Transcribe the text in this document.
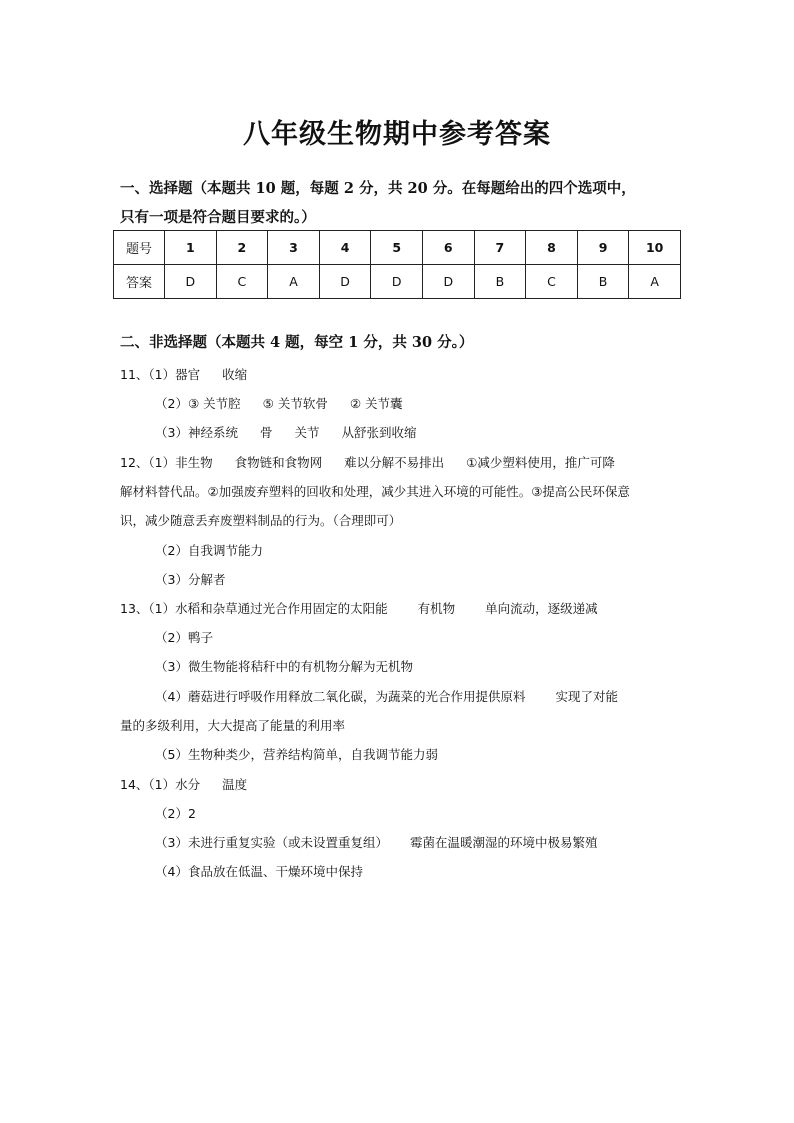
八年级生物期中参考答案
一、选择题（本题共 10 题，每题 2 分，共 20 分。在每题给出的四个选项中，
只有一项是符合题目要求的。）
题号	1	2	3	4	5	6	7	8	9	10
答案	D	C	A	D	D	D	B	C	B	A
二、非选择题（本题共 4 题，每空 1 分，共 30 分。）
11、（1）器官 收缩
（2）③ 关节腔 ⑤ 关节软骨 ② 关节囊
（3）神经系统 骨 关节 从舒张到收缩
12、（1）非生物 食物链和食物网 难以分解不易排出 ①减少塑料使用，推广可降
解材料替代品。②加强废弃塑料的回收和处理，减少其进入环境的可能性。③提高公民环保意
识，减少随意丢弃废塑料制品的行为。（合理即可）
（2）自我调节能力
（3）分解者
13、（1）水稻和杂草通过光合作用固定的太阳能 有机物 单向流动，逐级递减
（2）鸭子
（3）微生物能将秸秆中的有机物分解为无机物
（4）蘑菇进行呼吸作用释放二氧化碳，为蔬菜的光合作用提供原料 实现了对能
量的多级利用，大大提高了能量的利用率
（5）生物种类少，营养结构简单，自我调节能力弱
14、（1）水分 温度
（2）2
（3）未进行重复实验（或未设置重复组） 霉菌在温暖潮湿的环境中极易繁殖
（4）食品放在低温、干燥环境中保持
